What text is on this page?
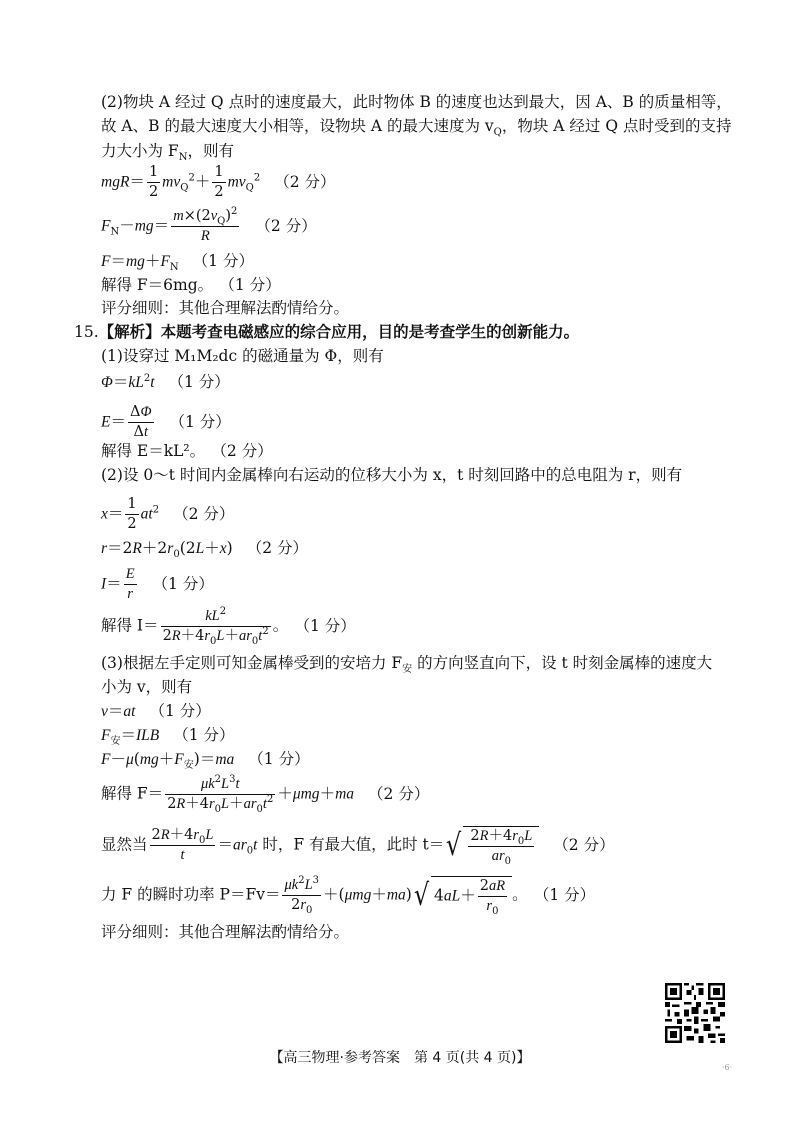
(2)物块 A 经过 Q 点时的速度最大，此时物体 B 的速度也达到最大，因 A、B 的质量相等，
故 A、B 的最大速度大小相等，设物块 A 的最大速度为 $v_Q$，物块 A 经过 Q 点时受到的支持
力大小为 $F_N$，则有
$mgR= \frac{1}{2} mv_Q^2+ \frac{1}{2} mv_Q^2$ （2 分）
$F_N-mg= \frac{m\times(2v_Q)^2}{R} (2$ 分）
$F=mg+F_N$ （1 分）
解得 F＝6mg。 （1 分）
评分细则：其他合理解法酌情给分。
15.【解析】本题考查电磁感应的综合应用，目的是考查学生的创新能力。
(1)设穿过 M₁M₂dc 的磁通量为 Φ，则有
$\Phi=kL^2t$ （1 分）
$E= \frac{\Delta\Phi}{\Delta t} (1$ 分）
解得 E＝kL²。 （2 分）
(2)设 0～t 时间内金属棒向右运动的位移大小为 x，t 时刻回路中的总电阻为 r，则有
$x= \frac{1}{2} at^2$ （2 分）
$r=2R+2r_0(2L+x)$ （2 分）
$I= \frac{E}{r} (1$ 分）
解得 $I= \frac{kL^2}{2R+4r_0L+ar_0t^2}$ 。 （1 分）
(3)根据左手定则可知金属棒受到的安培力 $F_安$ 的方向竖直向下，设 t 时刻金属棒的速度大
小为 v，则有
v＝at （1 分）
$F_安=ILB$ （1 分）
$F-\mu(mg+F_安)=ma$ （1 分）
解得 $F= \frac{\mu k^2L^3t}{2R+4r_0L+ar_0t^2} +\mu mg+ma$ （2 分）
显然当 $\frac{2R+4r_0L}{t} =ar_0t$ 时，F 有最大值，此时 $t=√ \frac{2R+4r_0L}{ar_0} (2$ 分）
力 F 的瞬时功率 $P=Fv= \frac{\mu k^2L^3}{2r_0} +(\mu mg+ma)√$ $4aL+ \frac{2aR}{r_0}$ 。 （1 分）
评分细则：其他合理解法酌情给分。
【高三物理·参考答案　第 4 页(共 4 页)】
·6·
